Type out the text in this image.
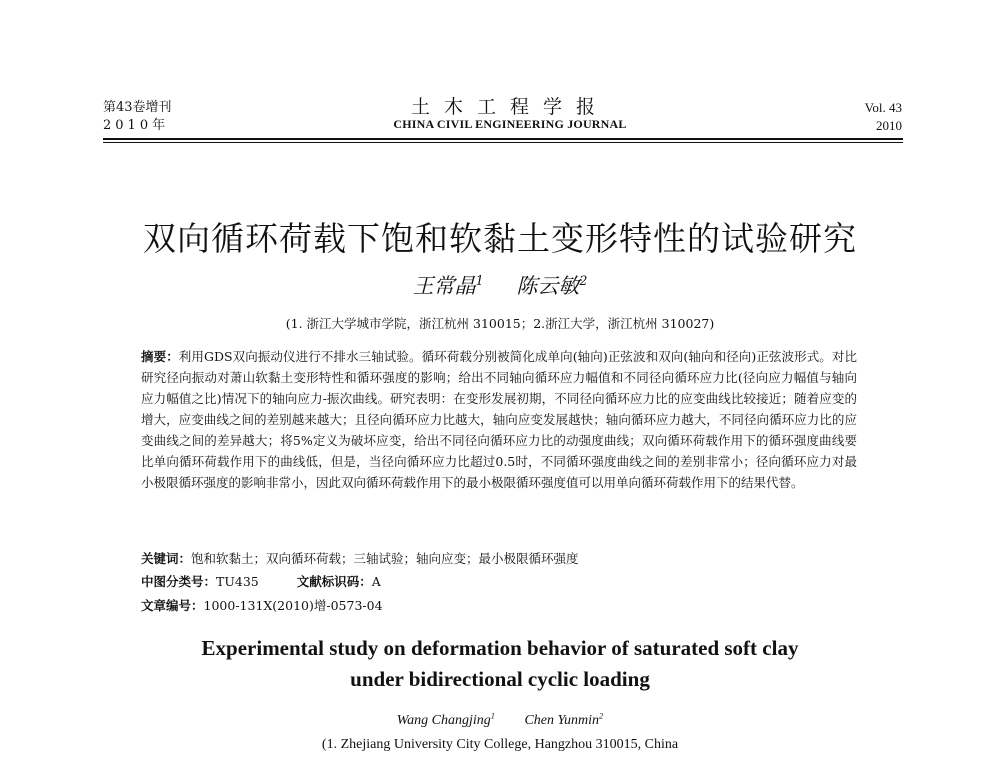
第43卷增刊
2010年
土木工程学报
CHINA CIVIL ENGINEERING JOURNAL
Vol. 43
2010
双向循环荷载下饱和软黏土变形特性的试验研究
王常晶$^1$ 陈云敏$^2$
(1. 浙江大学城市学院，浙江杭州 310015；2.浙江大学，浙江杭州 310027)
摘要：利用GDS双向振动仪进行不排水三轴试验。循环荷载分别被简化成单向(轴向)正弦波和双向(轴向和径向)正弦波形式。对比研究径向振动对萧山软黏土变形特性和循环强度的影响；给出不同轴向循环应力幅值和不同径向循环应力比(径向应力幅值与轴向应力幅值之比)情况下的轴向应力-振次曲线。研究表明：在变形发展初期，不同径向循环应力比的应变曲线比较接近；随着应变的增大，应变曲线之间的差别越来越大；且径向循环应力比越大，轴向应变发展越快；轴向循环应力越大，不同径向循环应力比的应变曲线之间的差异越大；将5%定义为破坏应变，给出不同径向循环应力比的动强度曲线；双向循环荷载作用下的循环强度曲线要比单向循环荷载作用下的曲线低，但是，当径向循环应力比超过0.5时，不同循环强度曲线之间的差别非常小；径向循环应力对最小极限循环强度的影响非常小，因此双向循环荷载作用下的最小极限循环强度值可以用单向循环荷载作用下的结果代替。
关键词：饱和软黏土；双向循环荷载；三轴试验；轴向应变；最小极限循环强度
中图分类号：TU435	文献标识码：A
文章编号：1000-131X(2010)增-0573-04
Experimental study on deformation behavior of saturated soft clay
under bidirectional cyclic loading
Wang Changjing$^1$ Chen Yunmin$^2$
(1. Zhejiang University City College, Hangzhou 310015, China
